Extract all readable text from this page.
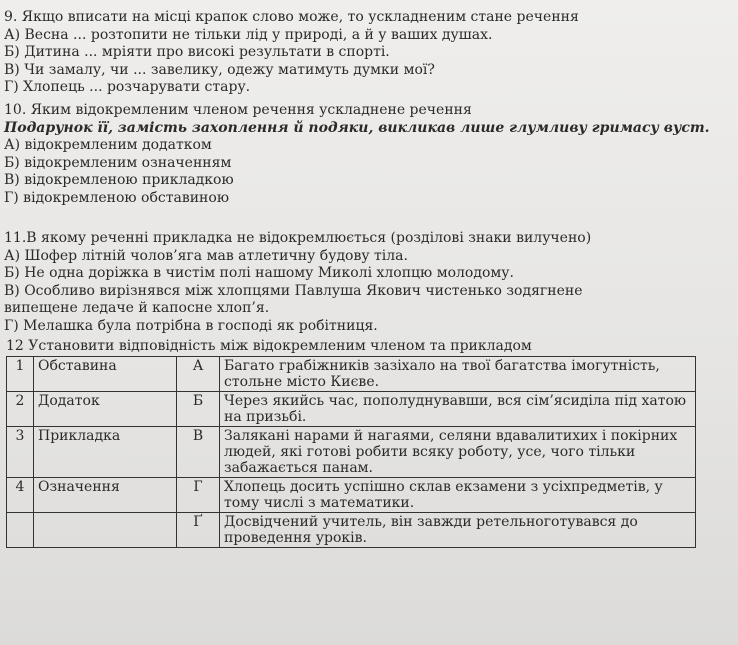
9. Якщо вписати на місці крапок слово може, то ускладненим стане речення
А) Весна ... розтопити не тільки лід у природі, а й у ваших душах.
Б) Дитина ... мріяти про високі результати в спорті.
В) Чи замалу, чи ... завелику, одежу матимуть думки мої?
Г) Хлопець ... розчарувати стару.
10. Яким відокремленим членом речення ускладнене речення
Подарунок її, замість захоплення й подяки, викликав лише глумливу гримасу вуст.
А) відокремленим додатком
Б) відокремленим означенням
В) відокремленою прикладкою
Г) відокремленою обставиною
11.В якому реченні прикладка не відокремлюється (розділові знаки вилучено)
А) Шофер літній чолов’яга мав атлетичну будову тіла.
Б) Не одна доріжка в чистім полі нашому Миколі хлопцю молодому.
В) Особливо вирізнявся між хлопцями Павлуша Якович чистенько зодягнене
випещене ледаче й капосне хлоп’я.
Г) Мелашка була потрібна в господі як робітниця.
12 Установити відповідність між відокремленим членом та прикладом
1	Обставина	А	Багато грабіжників зазіхало на твої багатства імогутність, стольне місто Києве.
2	Додаток	Б	Через якийсь час, пополуднувавши, вся сім’ясиділа під хатою на призьбі.
3	Прикладка	В	Залякані нарами й нагаями, селяни вдавалитихих і покірних людей, які готові робити всяку роботу, усе, чого тільки забажається панам.
4	Означення	Г	Хлопець досить успішно склав екзамени з усіхпредметів, у тому числі з математики.
		Ґ	Досвідчений учитель, він завжди ретельноготувався до проведення уроків.
